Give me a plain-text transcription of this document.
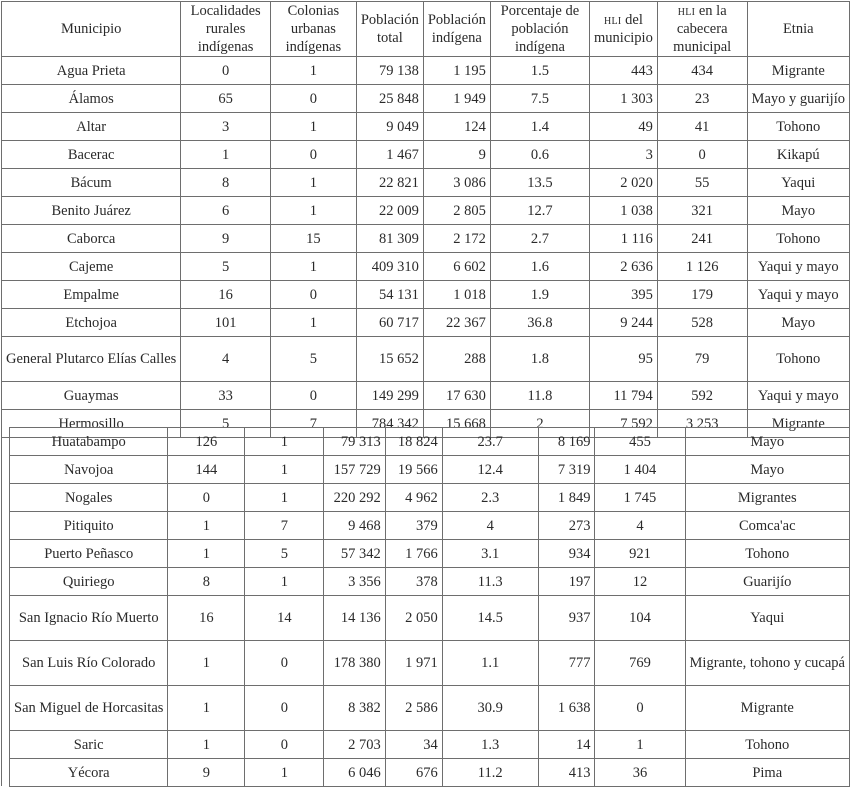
Municipio	Localidades rurales indígenas	Colonias urbanas indígenas	Población total	Población indígena	Porcentaje de población indígena	hli del municipio	hli en la cabecera municipal	Etnia
Agua Prieta	0	1	79 138	1 195	1.5	443	434	Migrante
Álamos	65	0	25 848	1 949	7.5	1 303	23	Mayo y guarijío
Altar	3	1	9 049	124	1.4	49	41	Tohono
Bacerac	1	0	1 467	9	0.6	3	0	Kikapú
Bácum	8	1	22 821	3 086	13.5	2 020	55	Yaqui
Benito Juárez	6	1	22 009	2 805	12.7	1 038	321	Mayo
Caborca	9	15	81 309	2 172	2.7	1 116	241	Tohono
Cajeme	5	1	409 310	6 602	1.6	2 636	1 126	Yaqui y mayo
Empalme	16	0	54 131	1 018	1.9	395	179	Yaqui y mayo
Etchojoa	101	1	60 717	22 367	36.8	9 244	528	Mayo
General Plutarco Elías Calles	4	5	15 652	288	1.8	95	79	Tohono
Guaymas	33	0	149 299	17 630	11.8	11 794	592	Yaqui y mayo
Hermosillo	5	7	784 342	15 668	2	7 592	3 253	Migrante
Huatabampo	126	1	79 313	18 824	23.7	8 169	455	Mayo
Navojoa	144	1	157 729	19 566	12.4	7 319	1 404	Mayo
Nogales	0	1	220 292	4 962	2.3	1 849	1 745	Migrantes
Pitiquito	1	7	9 468	379	4	273	4	Comca'ac
Puerto Peñasco	1	5	57 342	1 766	3.1	934	921	Tohono
Quiriego	8	1	3 356	378	11.3	197	12	Guarijío
San Ignacio Río Muerto	16	14	14 136	2 050	14.5	937	104	Yaqui
San Luis Río Colorado	1	0	178 380	1 971	1.1	777	769	Migrante, tohono y cucapá
San Miguel de Horcasitas	1	0	8 382	2 586	30.9	1 638	0	Migrante
Saric	1	0	2 703	34	1.3	14	1	Tohono
Yécora	9	1	6 046	676	11.2	413	36	Pima
